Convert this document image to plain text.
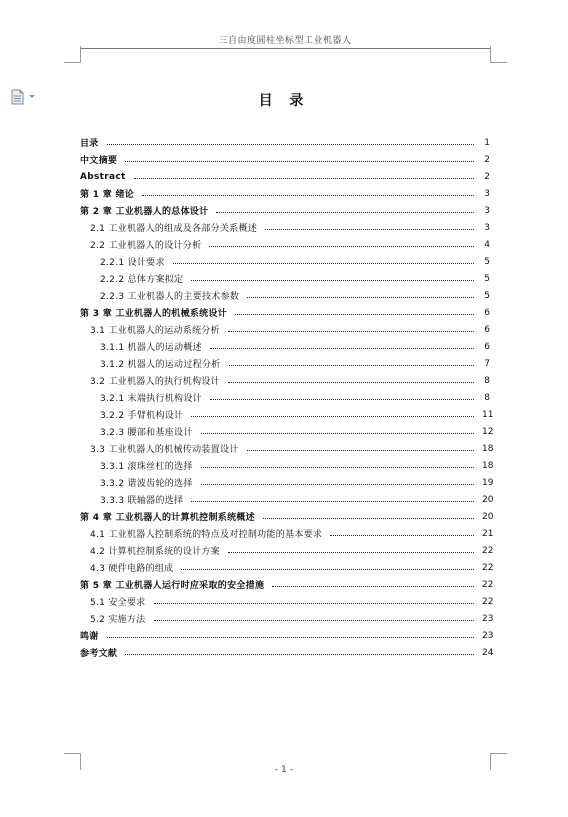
三自由度圆柱坐标型工业机器人
目 录
目录	1
中文摘要	2
Abstract	2
第 1 章 绪论	3
第 2 章 工业机器人的总体设计	3
2.1 工业机器人的组成及各部分关系概述	3
2.2 工业机器人的设计分析	4
2.2.1 设计要求	5
2.2.2 总体方案拟定	5
2.2.3 工业机器人的主要技术参数	5
第 3 章 工业机器人的机械系统设计	6
3.1 工业机器人的运动系统分析	6
3.1.1 机器人的运动概述	6
3.1.2 机器人的运动过程分析	7
3.2 工业机器人的执行机构设计	8
3.2.1 末端执行机构设计	8
3.2.2 手臂机构设计	11
3.2.3 腰部和基座设计	12
3.3 工业机器人的机械传动装置设计	18
3.3.1 滚珠丝杠的选择	18
3.3.2 谐波齿轮的选择	19
3.3.3 联轴器的选择	20
第 4 章 工业机器人的计算机控制系统概述	20
4.1 工业机器人控制系统的特点及对控制功能的基本要求	21
4.2 计算机控制系统的设计方案	22
4.3 硬件电路的组成	22
第 5 章 工业机器人运行时应采取的安全措施	22
5.1 安全要求	22
5.2 实施方法	23
鸣谢	23
参考文献	24
- 1 -
